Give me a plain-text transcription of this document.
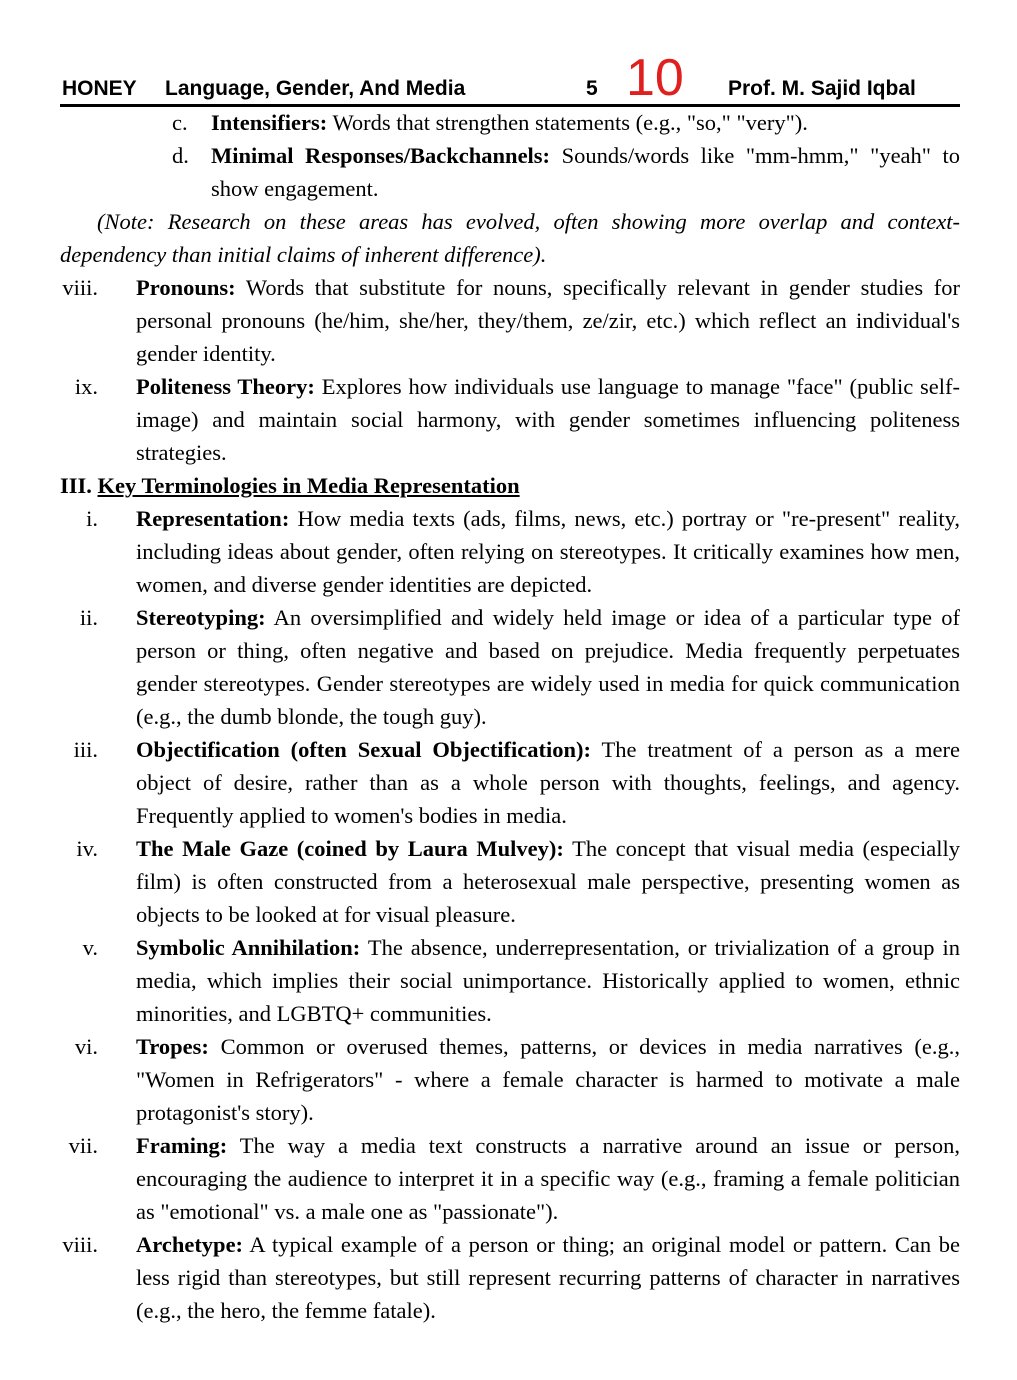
HONEY Language, Gender, And Media	5 10 Prof. M. Sajid Iqbal
c. Intensifiers: Words that strengthen statements (e.g., "so," "very").
d. Minimal Responses/Backchannels: Sounds/words like "mm-hmm," "yeah" to show engagement.
(Note: Research on these areas has evolved, often showing more overlap and context-dependency than initial claims of inherent difference).
viii. Pronouns: Words that substitute for nouns, specifically relevant in gender studies for personal pronouns (he/him, she/her, they/them, ze/zir, etc.) which reflect an individual's gender identity.
ix. Politeness Theory: Explores how individuals use language to manage "face" (public self-image) and maintain social harmony, with gender sometimes influencing politeness strategies.
III. Key Terminologies in Media Representation
i. Representation: How media texts (ads, films, news, etc.) portray or "re-present" reality, including ideas about gender, often relying on stereotypes. It critically examines how men, women, and diverse gender identities are depicted.
ii. Stereotyping: An oversimplified and widely held image or idea of a particular type of person or thing, often negative and based on prejudice. Media frequently perpetuates gender stereotypes. Gender stereotypes are widely used in media for quick communication (e.g., the dumb blonde, the tough guy).
iii. Objectification (often Sexual Objectification): The treatment of a person as a mere object of desire, rather than as a whole person with thoughts, feelings, and agency. Frequently applied to women's bodies in media.
iv. The Male Gaze (coined by Laura Mulvey): The concept that visual media (especially film) is often constructed from a heterosexual male perspective, presenting women as objects to be looked at for visual pleasure.
v. Symbolic Annihilation: The absence, underrepresentation, or trivialization of a group in media, which implies their social unimportance. Historically applied to women, ethnic minorities, and LGBTQ+ communities.
vi. Tropes: Common or overused themes, patterns, or devices in media narratives (e.g., "Women in Refrigerators" - where a female character is harmed to motivate a male protagonist's story).
vii. Framing: The way a media text constructs a narrative around an issue or person, encouraging the audience to interpret it in a specific way (e.g., framing a female politician as "emotional" vs. a male one as "passionate").
viii. Archetype: A typical example of a person or thing; an original model or pattern. Can be less rigid than stereotypes, but still represent recurring patterns of character in narratives (e.g., the hero, the femme fatale).
